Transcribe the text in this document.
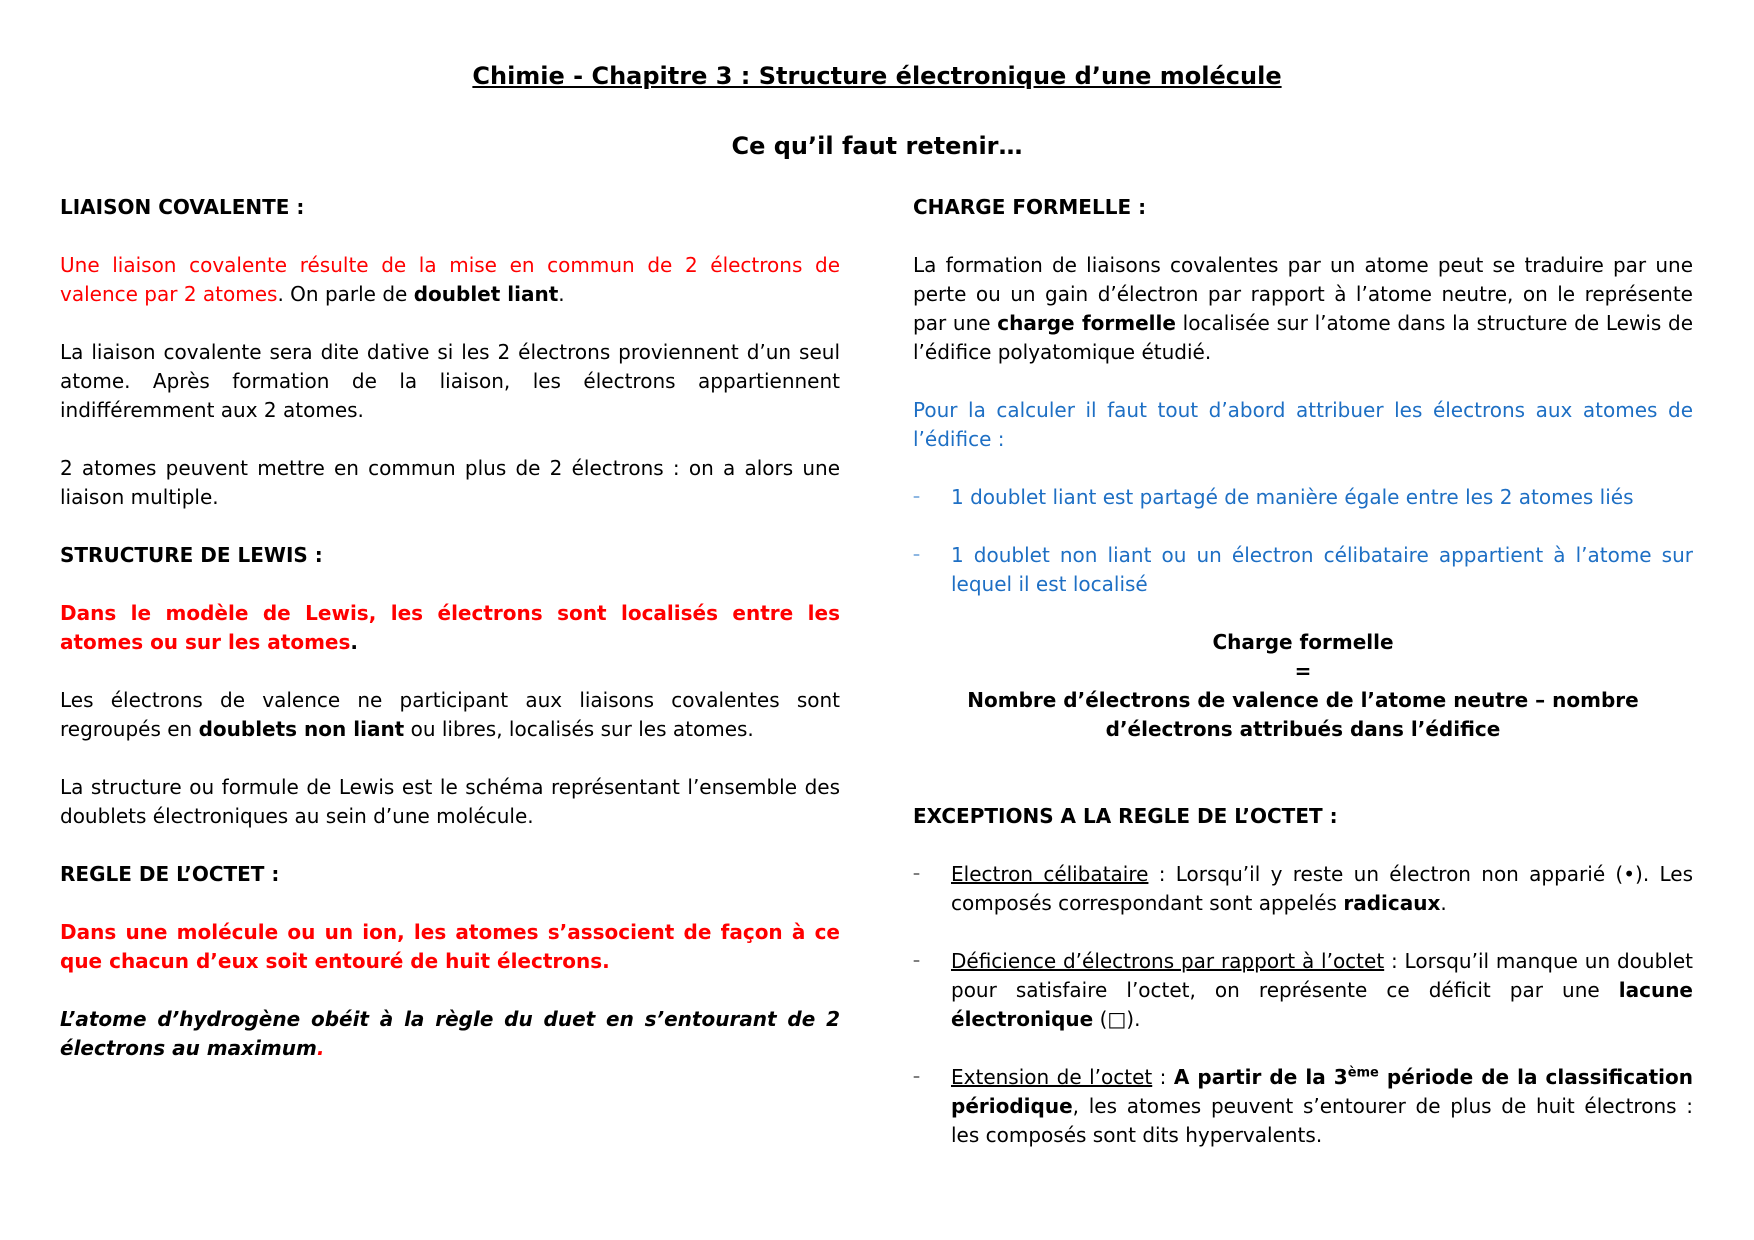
Chimie - Chapitre 3 : Structure électronique d’une molécule
Ce qu’il faut retenir…

LIAISON COVALENTE :

Une liaison covalente résulte de la mise en commun de 2 électrons de valence par 2 atomes. On parle de doublet liant.

La liaison covalente sera dite dative si les 2 électrons proviennent d’un seul atome. Après formation de la liaison, les électrons appartiennent indifféremment aux 2 atomes.

2 atomes peuvent mettre en commun plus de 2 électrons : on a alors une liaison multiple.

STRUCTURE DE LEWIS :

Dans le modèle de Lewis, les électrons sont localisés entre les atomes ou sur les atomes.

Les électrons de valence ne participant aux liaisons covalentes sont regroupés en doublets non liant ou libres, localisés sur les atomes.

La structure ou formule de Lewis est le schéma représentant l’ensemble des doublets électroniques au sein d’une molécule.

REGLE DE L’OCTET :

Dans une molécule ou un ion, les atomes s’associent de façon à ce que chacun d’eux soit entouré de huit électrons.

L’atome d’hydrogène obéit à la règle du duet en s’entourant de 2 électrons au maximum.

CHARGE FORMELLE :

La formation de liaisons covalentes par un atome peut se traduire par une perte ou un gain d’électron par rapport à l’atome neutre, on le représente par une charge formelle localisée sur l’atome dans la structure de Lewis de l’édifice polyatomique étudié.

Pour la calculer il faut tout d’abord attribuer les électrons aux atomes de l’édifice :

– 1 doublet liant est partagé de manière égale entre les 2 atomes liés

– 1 doublet non liant ou un électron célibataire appartient à l’atome sur lequel il est localisé

Charge formelle

=

Nombre d’électrons de valence de l’atome neutre – nombre d’électrons attribués dans l’édifice

EXCEPTIONS A LA REGLE DE L’OCTET :

– Electron célibataire : Lorsqu’il y reste un électron non apparié (•). Les composés correspondant sont appelés radicaux.

– Déficience d’électrons par rapport à l’octet : Lorsqu’il manque un doublet pour satisfaire l’octet, on représente ce déficit par une lacune électronique (□).

– Extension de l’octet : A partir de la 3ème période de la classification périodique, les atomes peuvent s’entourer de plus de huit électrons : les composés sont dits hypervalents.
